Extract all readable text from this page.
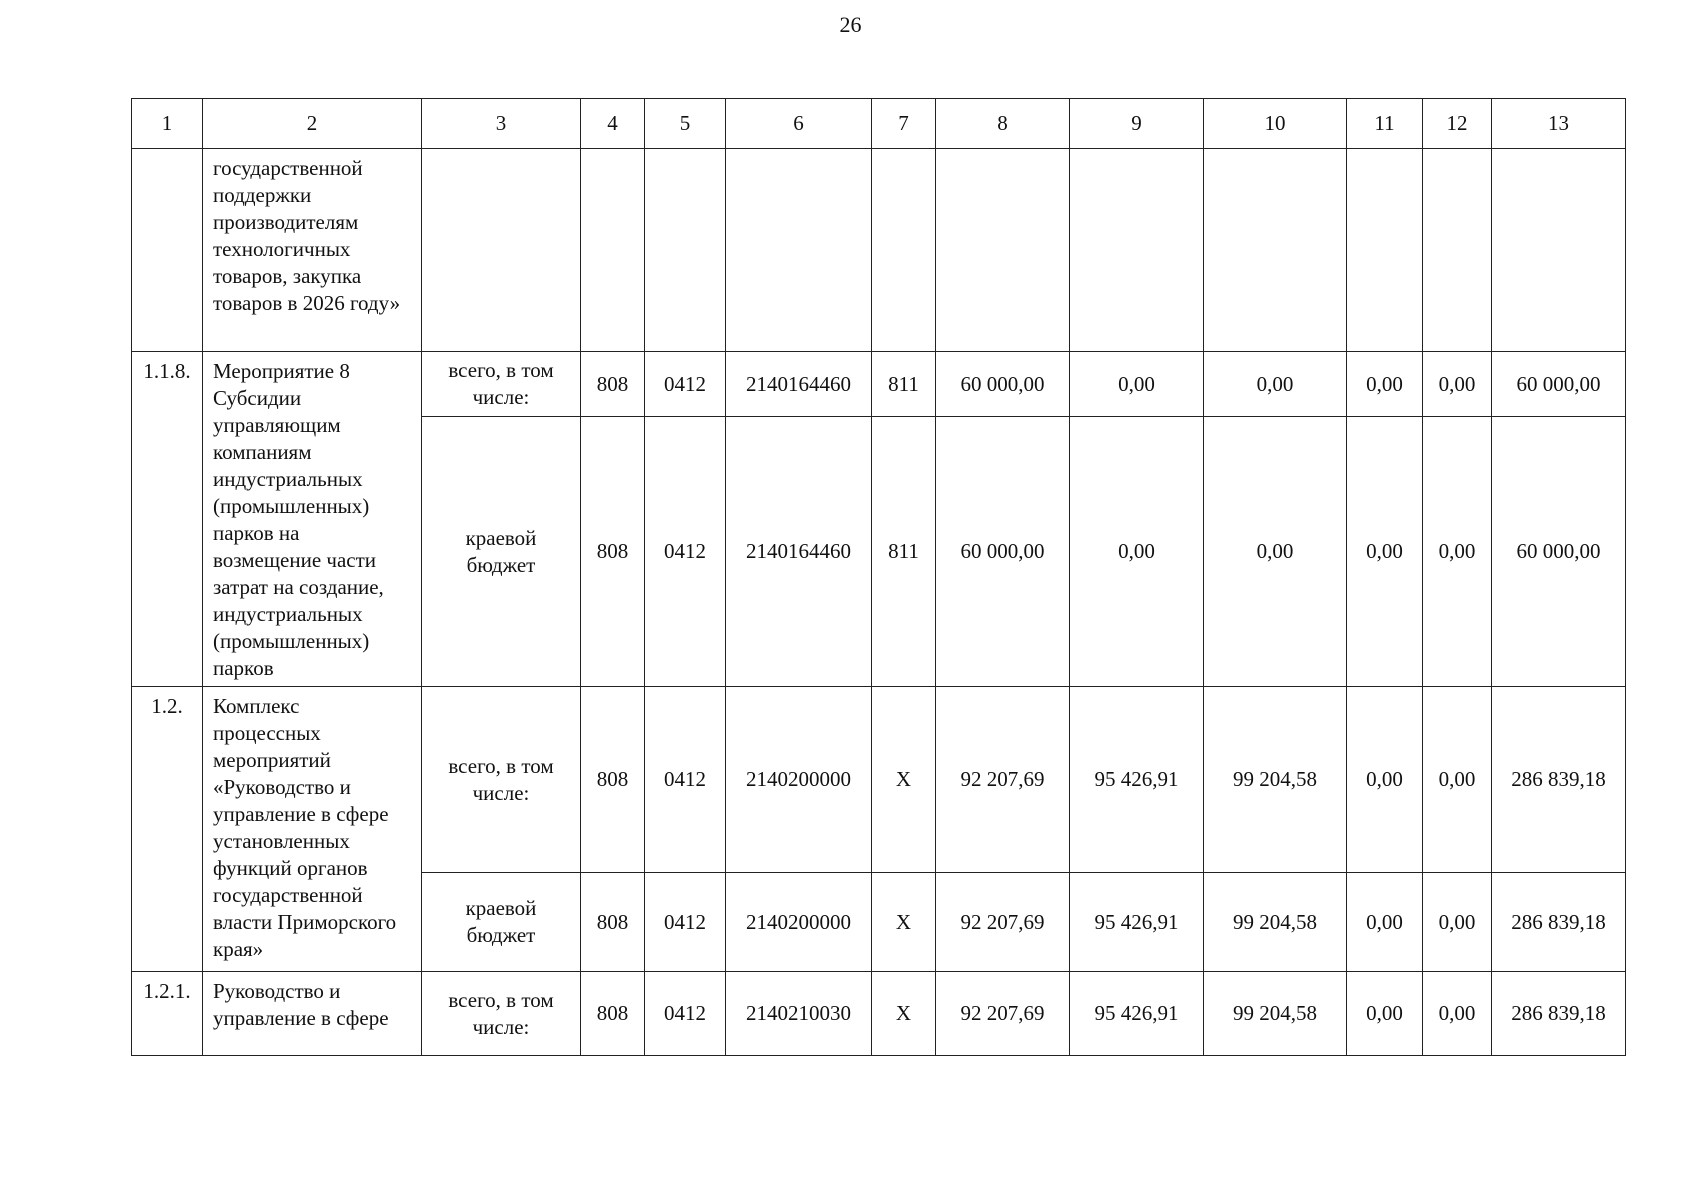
26
1	2	3	4	5	6	7	8	9	10	11	12	13
	государственной поддержки производителям технологичных товаров, закупка товаров в 2026 году»											
1.1.8.	Мероприятие 8 Субсидии управляющим компаниям индустриальных (промышленных) парков на возмещение части затрат на создание, индустриальных (промышленных) парков	всего, в том числе:	808	0412	2140164460	811	60 000,00	0,00	0,00	0,00	0,00	60 000,00
		краевой бюджет	808	0412	2140164460	811	60 000,00	0,00	0,00	0,00	0,00	60 000,00
1.2.	Комплекс процессных мероприятий «Руководство и управление в сфере установленных функций органов государственной власти Приморского края»	всего, в том числе:	808	0412	2140200000	Х	92 207,69	95 426,91	99 204,58	0,00	0,00	286 839,18
		краевой бюджет	808	0412	2140200000	Х	92 207,69	95 426,91	99 204,58	0,00	0,00	286 839,18
1.2.1.	Руководство и управление в сфере	всего, в том числе:	808	0412	2140210030	Х	92 207,69	95 426,91	99 204,58	0,00	0,00	286 839,18
